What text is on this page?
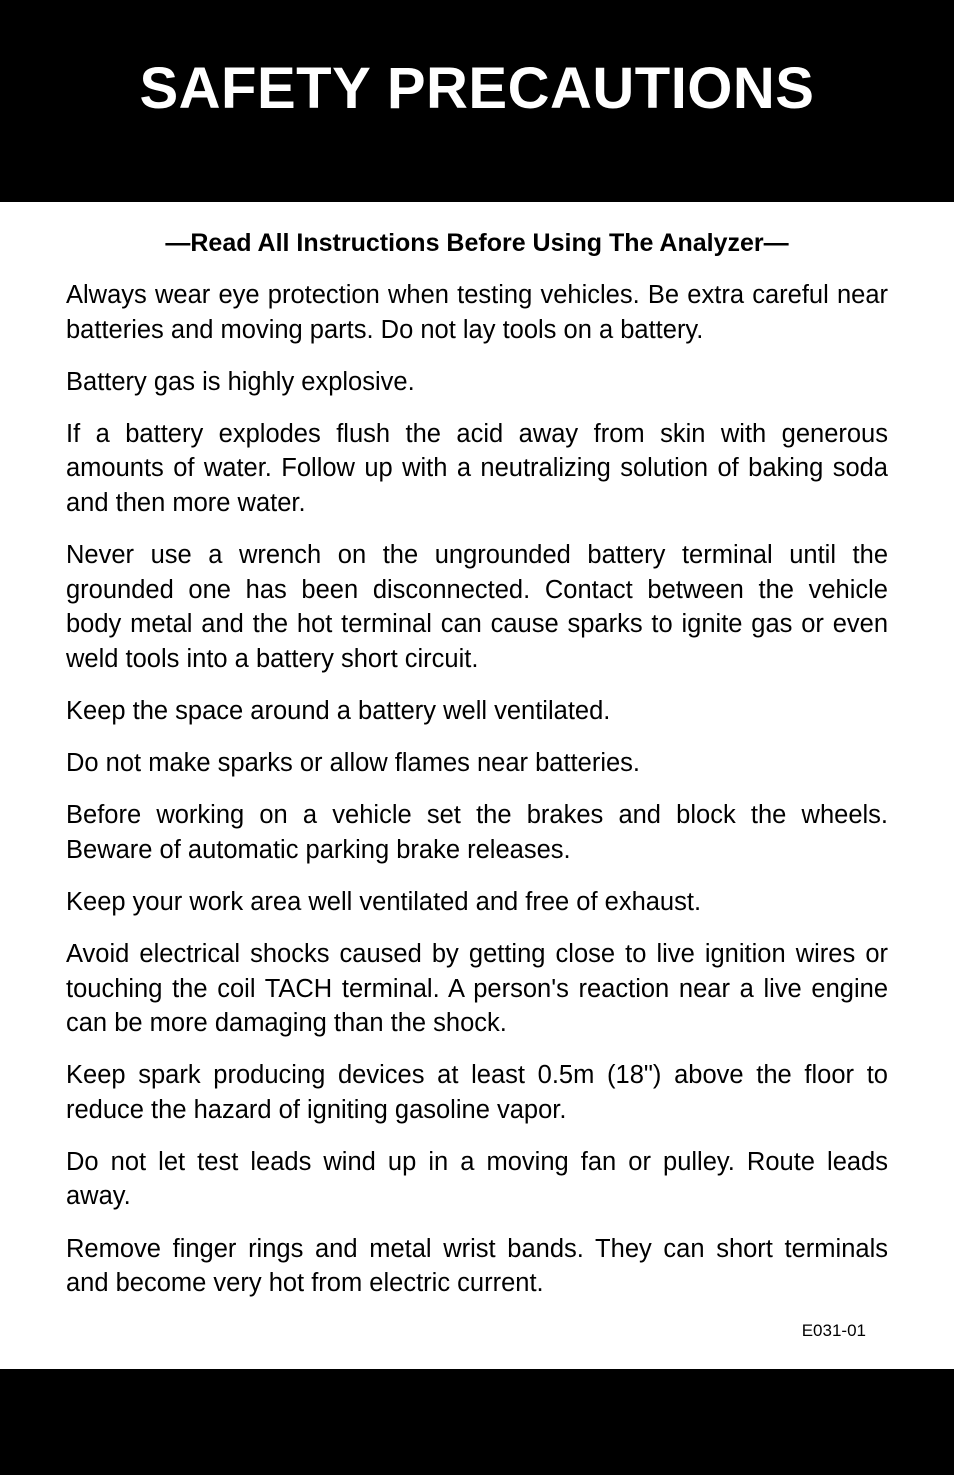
SAFETY PRECAUTIONS

—Read All Instructions Before Using The Analyzer—

Always wear eye protection when testing vehicles. Be extra careful near batteries and moving parts. Do not lay tools on a battery.

Battery gas is highly explosive.

If a battery explodes flush the acid away from skin with generous amounts of water. Follow up with a neutralizing solution of baking soda and then more water.

Never use a wrench on the ungrounded battery terminal until the grounded one has been disconnected. Contact between the vehicle body metal and the hot terminal can cause sparks to ignite gas or even weld tools into a battery short circuit.

Keep the space around a battery well ventilated.

Do not make sparks or allow flames near batteries.

Before working on a vehicle set the brakes and block the wheels. Beware of automatic parking brake releases.

Keep your work area well ventilated and free of exhaust.

Avoid electrical shocks caused by getting close to live ignition wires or touching the coil TACH terminal. A person's reaction near a live engine can be more damaging than the shock.

Keep spark producing devices at least 0.5m (18") above the floor to reduce the hazard of igniting gasoline vapor.

Do not let test leads wind up in a moving fan or pulley. Route leads away.

Remove finger rings and metal wrist bands. They can short terminals and become very hot from electric current.

E031-01
